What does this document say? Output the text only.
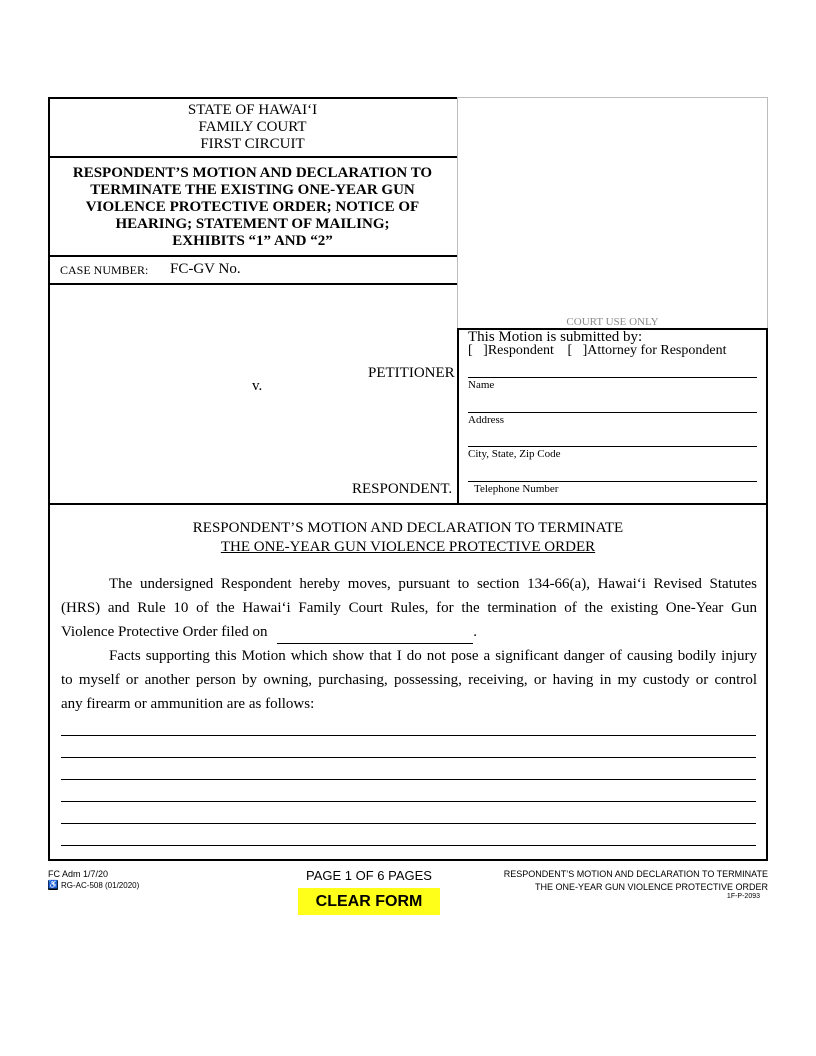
STATE OF HAWAI‘I
FAMILY COURT
FIRST CIRCUIT
RESPONDENT’S MOTION AND DECLARATION TO
TERMINATE THE EXISTING ONE-YEAR GUN
VIOLENCE PROTECTIVE ORDER; NOTICE OF
HEARING; STATEMENT OF MAILING;
EXHIBITS “1” AND “2”
CASE NUMBER: FC-GV No.
PETITIONER
v.
RESPONDENT.
COURT USE ONLY
This Motion is submitted by:
[   ]Respondent [   ]Attorney for Respondent
Name
Address
City, State, Zip Code
Telephone Number
RESPONDENT’S MOTION AND DECLARATION TO TERMINATE
THE ONE-YEAR GUN VIOLENCE PROTECTIVE ORDER
The undersigned Respondent hereby moves, pursuant to section 134-66(a), Hawai‘i Revised Statutes
(HRS) and Rule 10 of the Hawai‘i Family Court Rules, for the termination of the existing One-Year Gun
Violence Protective Order filed on	.
Facts supporting this Motion which show that I do not pose a significant danger of causing bodily injury
to myself or another person by owning, purchasing, possessing, receiving, or having in my custody or control
any firearm or ammunition are as follows:
FC Adm 1/7/20
♿ RG-AC-508 (01/2020)
PAGE 1 OF 6 PAGES
CLEAR FORM
RESPONDENT’S MOTION AND DECLARATION TO TERMINATE
THE ONE-YEAR GUN VIOLENCE PROTECTIVE ORDER
1F-P-2093
